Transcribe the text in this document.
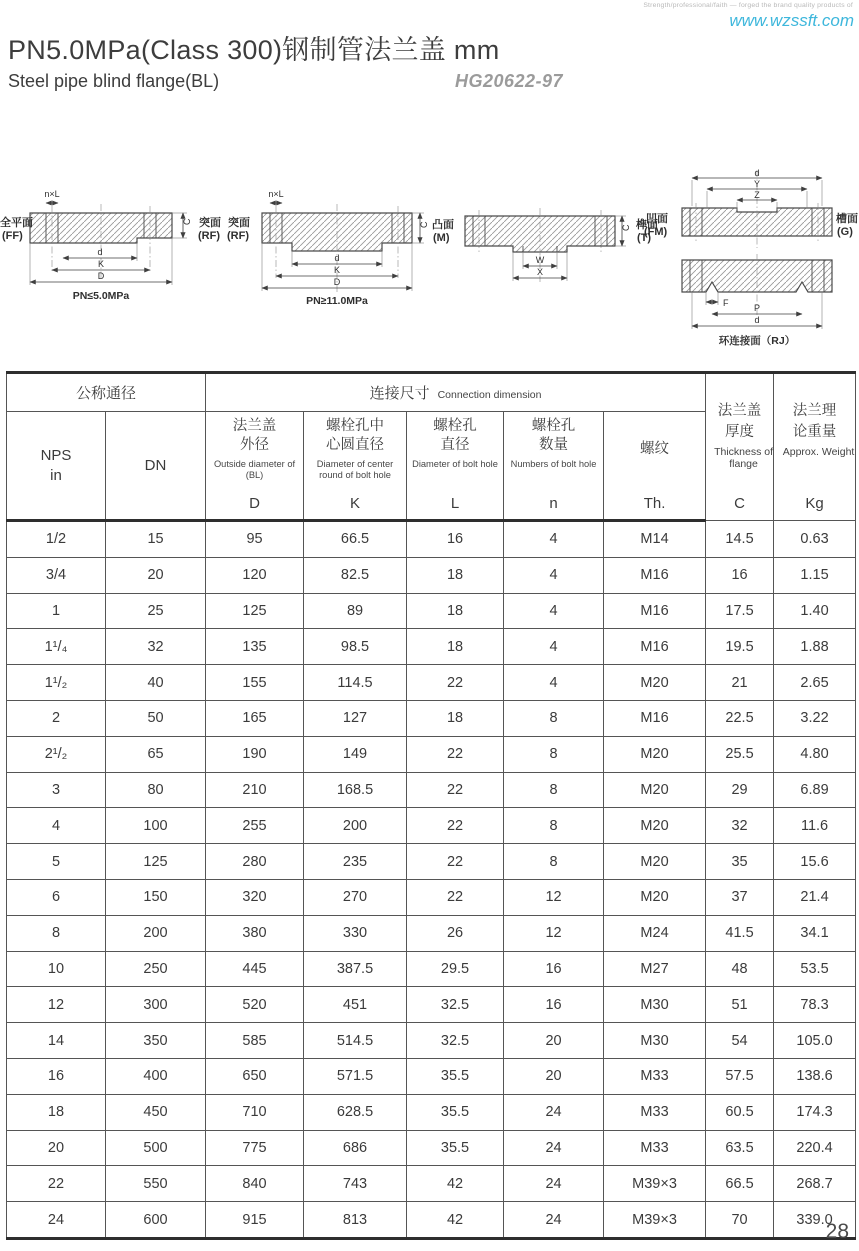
Strength/professional/faith — forged the brand quality products of
www.wzssft.com
PN5.0MPa(Class 300)钢制管法兰盖 mm
Steel pipe blind flange(BL)	HG20622-97
n×L
d
K
D
C
全平面
(FF)
突面
(RF)
PN≤5.0MPa
n×L
d
K
D
C
突面
(RF)
PN≥11.0MPa
W
X
C
凸面
(M)
榫面
(T)
d
Y
Z
凹面
(FM)
槽面
(G)
F	P
d
环连接面（RJ）
公称通径		连接尺寸 Connection dimension					法兰盖
厚度
Thickness of flange
C	法兰理
论重量
Approx. Weight
Kg

NPS
in	DN	法兰盖
外径
Outside diameter of (BL)
D	螺栓孔中
心圆直径
Diameter of center round of bolt hole
K	螺栓孔
直径
Diameter of bolt hole
L	螺栓孔
数量
Numbers of bolt hole
n	螺纹
Th.		

1/2	15	95	66.5	16	4	M14	14.5	0.63
3/4	20	120	82.5	18	4	M16	16	1.15
1	25	125	89	18	4	M16	17.5	1.40
1¹/₄	32	135	98.5	18	4	M16	19.5	1.88
1¹/₂	40	155	114.5	22	4	M20	21	2.65
2	50	165	127	18	8	M16	22.5	3.22
2¹/₂	65	190	149	22	8	M20	25.5	4.80
3	80	210	168.5	22	8	M20	29	6.89
4	100	255	200	22	8	M20	32	11.6
5	125	280	235	22	8	M20	35	15.6
6	150	320	270	22	12	M20	37	21.4
8	200	380	330	26	12	M24	41.5	34.1
10	250	445	387.5	29.5	16	M27	48	53.5
12	300	520	451	32.5	16	M30	51	78.3
14	350	585	514.5	32.5	20	M30	54	105.0
16	400	650	571.5	35.5	20	M33	57.5	138.6
18	450	710	628.5	35.5	24	M33	60.5	174.3
20	500	775	686	35.5	24	M33	63.5	220.4
22	550	840	743	42	24	M39×3	66.5	268.7
24	600	915	813	42	24	M39×3	70	339.0
28
